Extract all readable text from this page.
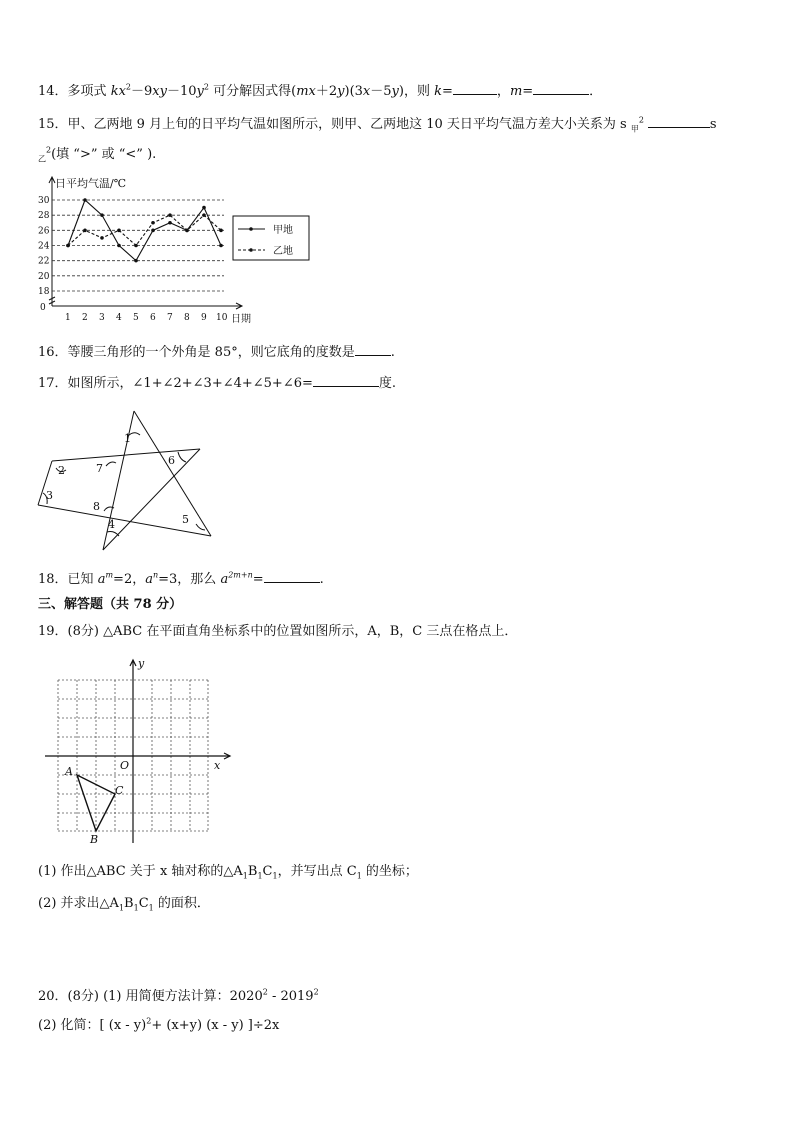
14．多项式 $kx^2-9xy-10y^2$ 可分解因式得(mx＋2y)(3x－5y)，则 k=	，m=	．
15．甲、乙两地 9 月上旬的日平均气温如图所示，则甲、乙两地这 10 天日平均气温方差大小关系为 s $_甲^2$	s
$_乙^2$(填 “>” 或 “<” ).
日平均气温/℃
日期
0
18
20
22
24
26
28
30
1 2 3 4 5 6 7 8 9 10
甲地
乙地
16．等腰三角形的一个外角是 85°，则它底角的度数是	.
17．如图所示，∠1+∠2+∠3+∠4+∠5+∠6=	度.
1
2
3
4	5
6
7
8
18．已知 $a^m=2$，$a^n=3$，那么 $a^{2m+n}=$	.
三、解答题（共 78 分）
19．(8分) △ABC 在平面直角坐标系中的位置如图所示，A，B，C 三点在格点上．
x
y
O
A
B
C
(1) 作出△ABC 关于 x 轴对称的$\triangle A_1B_1C_1$，并写出点 $C_1$ 的坐标；
(2) 并求出$\triangle A_1B_1C_1$ 的面积．
20．(8分) (1) 用简便方法计算：2020$^2$ - 2019$^2$
(2) 化简：[ (x - y)$^2$+ (x+y) (x - y) ]÷2x
